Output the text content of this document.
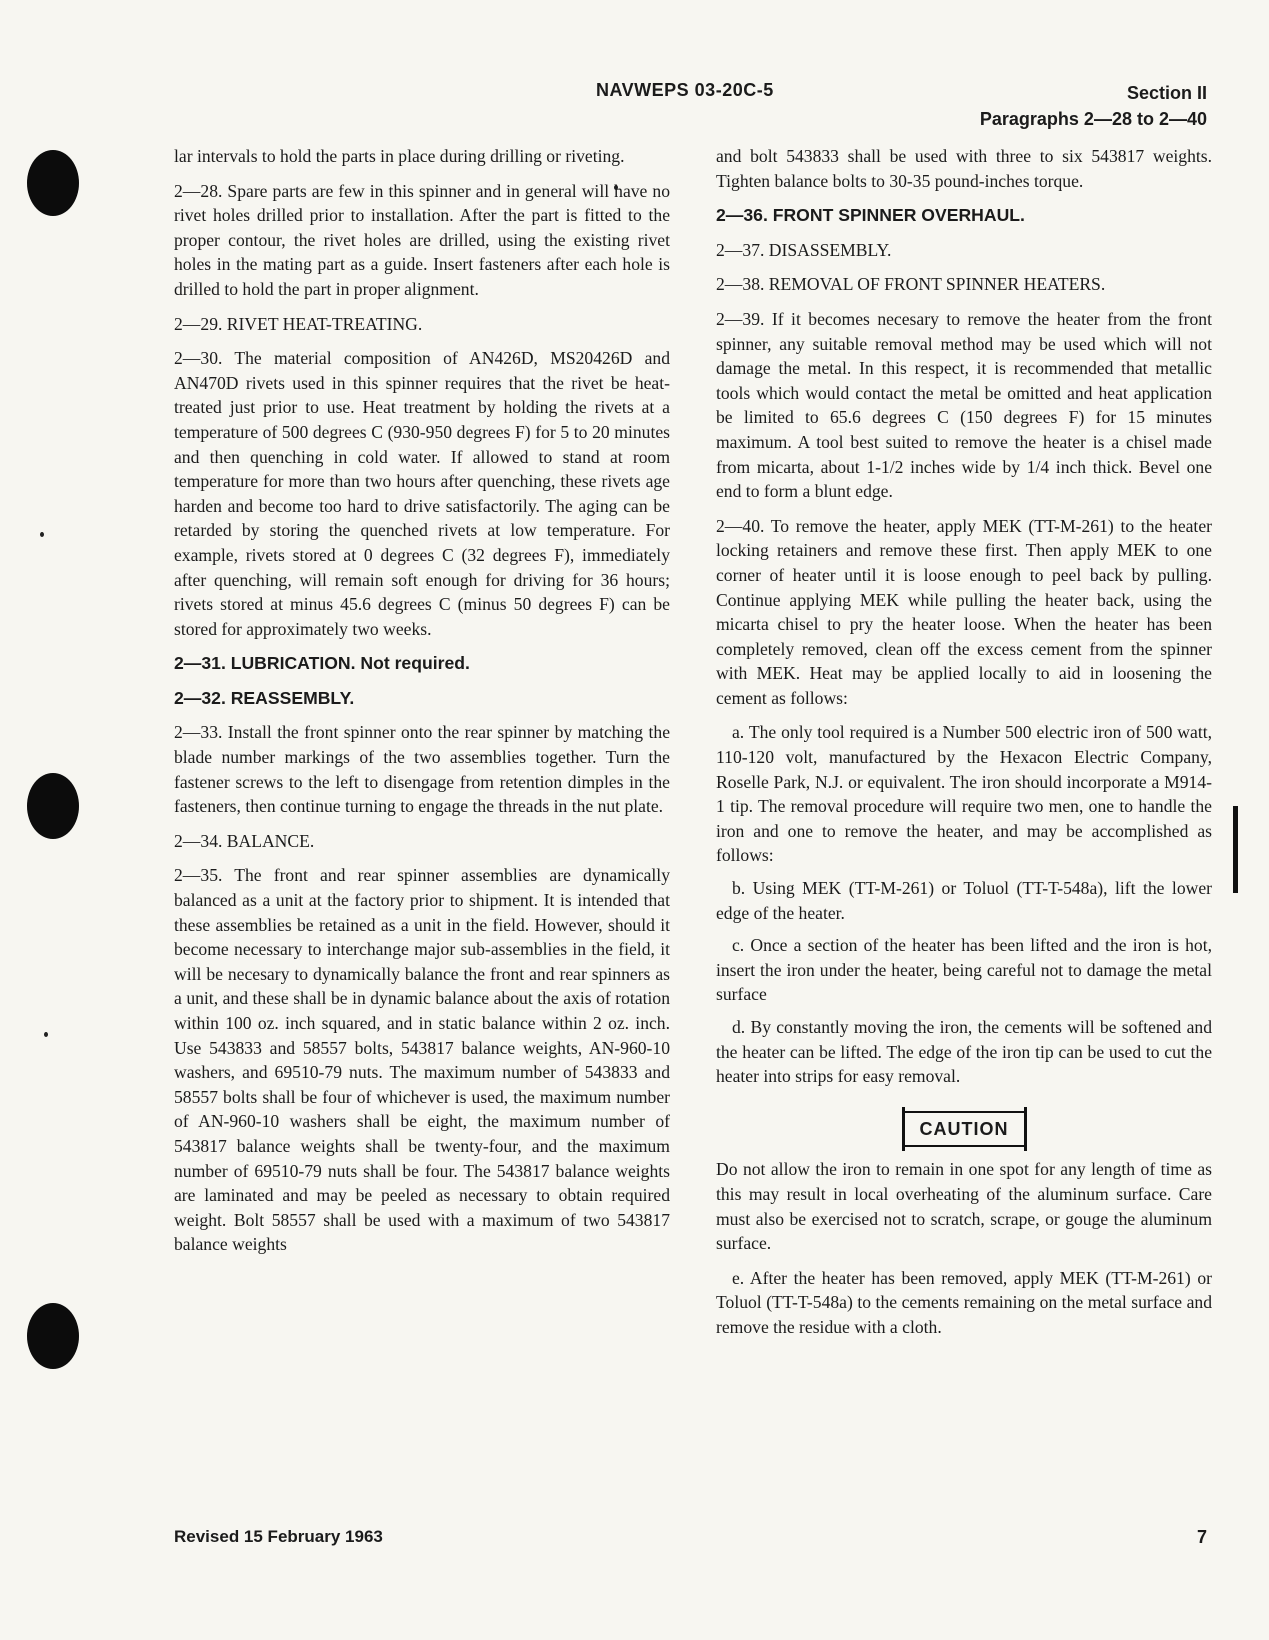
NAVWEPS 03-20C-5	Section II
Paragraphs 2—28 to 2—40

lar intervals to hold the parts in place during drilling or riveting.

2—28. Spare parts are few in this spinner and in general will have no rivet holes drilled prior to installation. After the part is fitted to the proper contour, the rivet holes are drilled, using the existing rivet holes in the mating part as a guide. Insert fasteners after each hole is drilled to hold the part in proper alignment.

2—29. RIVET HEAT-TREATING.

2—30. The material composition of AN426D, MS20426D and AN470D rivets used in this spinner requires that the rivet be heat-treated just prior to use. Heat treatment by holding the rivets at a temperature of 500 degrees C (930-950 degrees F) for 5 to 20 minutes and then quenching in cold water. If allowed to stand at room temperature for more than two hours after quenching, these rivets age harden and become too hard to drive satisfactorily. The aging can be retarded by storing the quenched rivets at low temperature. For example, rivets stored at 0 degrees C (32 degrees F), immediately after quenching, will remain soft enough for driving for 36 hours; rivets stored at minus 45.6 degrees C (minus 50 degrees F) can be stored for approximately two weeks.

2—31. LUBRICATION. Not required.

2—32. REASSEMBLY.

2—33. Install the front spinner onto the rear spinner by matching the blade number markings of the two assemblies together. Turn the fastener screws to the left to disengage from retention dimples in the fasteners, then continue turning to engage the threads in the nut plate.

2—34. BALANCE.

2—35. The front and rear spinner assemblies are dynamically balanced as a unit at the factory prior to shipment. It is intended that these assemblies be retained as a unit in the field. However, should it become necessary to interchange major sub-assemblies in the field, it will be necesary to dynamically balance the front and rear spinners as a unit, and these shall be in dynamic balance about the axis of rotation within 100 oz. inch squared, and in static balance within 2 oz. inch. Use 543833 and 58557 bolts, 543817 balance weights, AN-960-10 washers, and 69510-79 nuts. The maximum number of 543833 and 58557 bolts shall be four of whichever is used, the maximum number of AN-960-10 washers shall be eight, the maximum number of 543817 balance weights shall be twenty-four, and the maximum number of 69510-79 nuts shall be four. The 543817 balance weights are laminated and may be peeled as necessary to obtain required weight. Bolt 58557 shall be used with a maximum of two 543817 balance weights

and bolt 543833 shall be used with three to six 543817 weights. Tighten balance bolts to 30-35 pound-inches torque.

2—36. FRONT SPINNER OVERHAUL.

2—37. DISASSEMBLY.

2—38. REMOVAL OF FRONT SPINNER HEATERS.

2—39. If it becomes necesary to remove the heater from the front spinner, any suitable removal method may be used which will not damage the metal. In this respect, it is recommended that metallic tools which would contact the metal be omitted and heat application be limited to 65.6 degrees C (150 degrees F) for 15 minutes maximum. A tool best suited to remove the heater is a chisel made from micarta, about 1-1/2 inches wide by 1/4 inch thick. Bevel one end to form a blunt edge.

2—40. To remove the heater, apply MEK (TT-M-261) to the heater locking retainers and remove these first. Then apply MEK to one corner of heater until it is loose enough to peel back by pulling. Continue applying MEK while pulling the heater back, using the micarta chisel to pry the heater loose. When the heater has been completely removed, clean off the excess cement from the spinner with MEK. Heat may be applied locally to aid in loosening the cement as follows:

a. The only tool required is a Number 500 electric iron of 500 watt, 110-120 volt, manufactured by the Hexacon Electric Company, Roselle Park, N.J. or equivalent. The iron should incorporate a M914-1 tip. The removal procedure will require two men, one to handle the iron and one to remove the heater, and may be accomplished as follows:

b. Using MEK (TT-M-261) or Toluol (TT-T-548a), lift the lower edge of the heater.

c. Once a section of the heater has been lifted and the iron is hot, insert the iron under the heater, being careful not to damage the metal surface

d. By constantly moving the iron, the cements will be softened and the heater can be lifted. The edge of the iron tip can be used to cut the heater into strips for easy removal.

CAUTION

Do not allow the iron to remain in one spot for any length of time as this may result in local overheating of the aluminum surface. Care must also be exercised not to scratch, scrape, or gouge the aluminum surface.

e. After the heater has been removed, apply MEK (TT-M-261) or Toluol (TT-T-548a) to the cements remaining on the metal surface and remove the residue with a cloth.

Revised 15 February 1963	7
